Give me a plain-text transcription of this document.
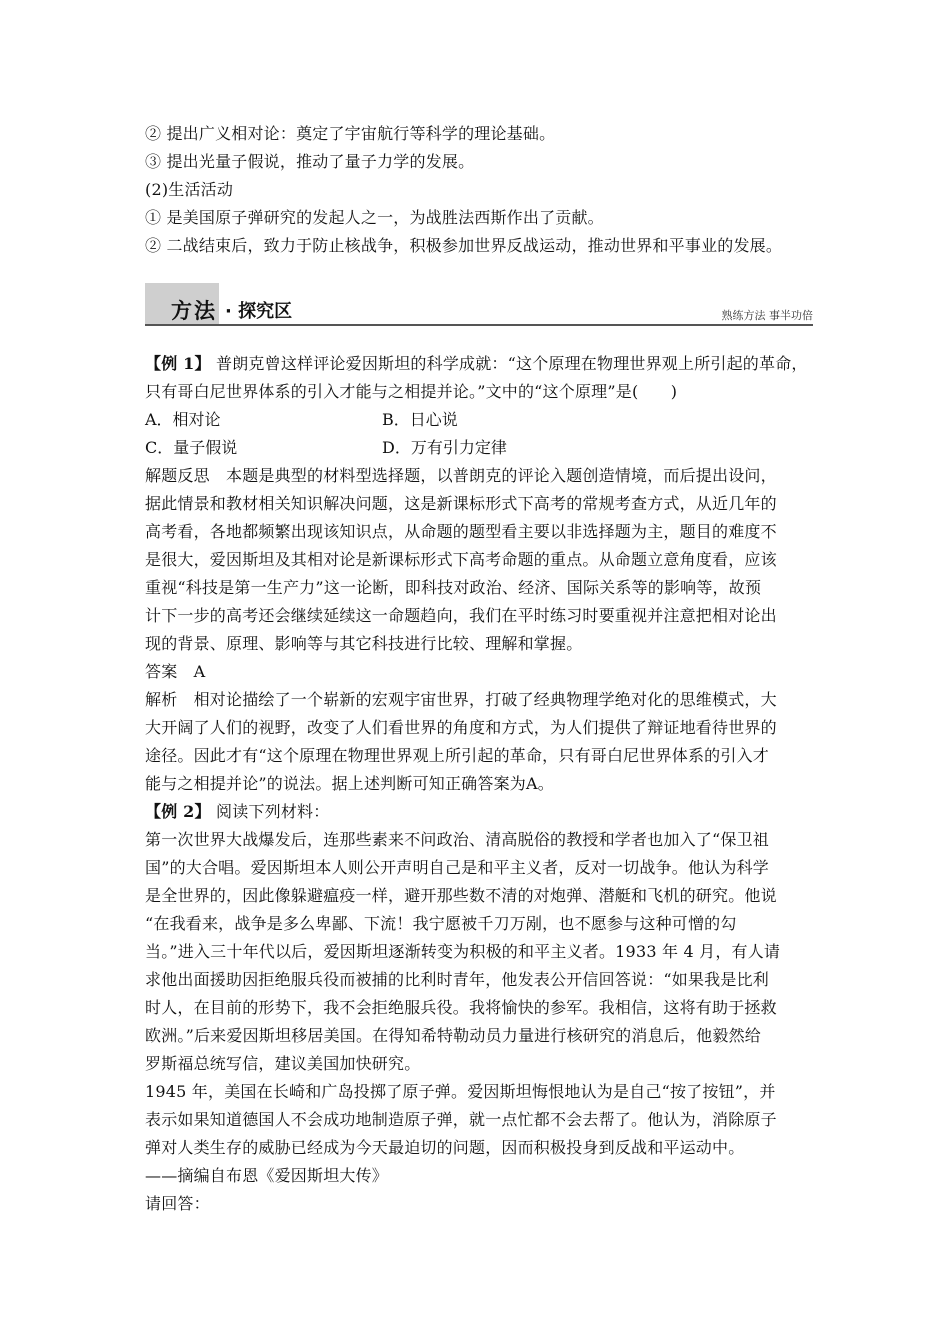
② 提出广义相对论：奠定了宇宙航行等科学的理论基础。
③ 提出光量子假说，推动了量子力学的发展。
(2)生活活动
① 是美国原子弹研究的发起人之一，为战胜法西斯作出了贡献。
② 二战结束后，致力于防止核战争，积极参加世界反战运动，推动世界和平事业的发展。
方法 · 探究区	熟练方法 事半功倍
【例 1】 普朗克曾这样评论爱因斯坦的科学成就：“这个原理在物理世界观上所引起的革命，
只有哥白尼世界体系的引入才能与之相提并论。”文中的“这个原理”是(　　)
A．相对论	B．日心说
C．量子假说	D．万有引力定律
解题反思　本题是典型的材料型选择题，以普朗克的评论入题创造情境，而后提出设问，
据此情景和教材相关知识解决问题，这是新课标形式下高考的常规考查方式，从近几年的
高考看，各地都频繁出现该知识点，从命题的题型看主要以非选择题为主，题目的难度不
是很大，爱因斯坦及其相对论是新课标形式下高考命题的重点。从命题立意角度看，应该
重视“科技是第一生产力”这一论断，即科技对政治、经济、国际关系等的影响等，故预
计下一步的高考还会继续延续这一命题趋向，我们在平时练习时要重视并注意把相对论出
现的背景、原理、影响等与其它科技进行比较、理解和掌握。
答案　A
解析　相对论描绘了一个崭新的宏观宇宙世界，打破了经典物理学绝对化的思维模式，大
大开阔了人们的视野，改变了人们看世界的角度和方式，为人们提供了辩证地看待世界的
途径。因此才有“这个原理在物理世界观上所引起的革命，只有哥白尼世界体系的引入才
能与之相提并论”的说法。据上述判断可知正确答案为A。
【例 2】 阅读下列材料：
第一次世界大战爆发后，连那些素来不问政治、清高脱俗的教授和学者也加入了“保卫祖
国”的大合唱。爱因斯坦本人则公开声明自己是和平主义者，反对一切战争。他认为科学
是全世界的，因此像躲避瘟疫一样，避开那些数不清的对炮弹、潜艇和飞机的研究。他说
“在我看来，战争是多么卑鄙、下流！我宁愿被千刀万剐，也不愿参与这种可憎的勾
当。”进入三十年代以后，爱因斯坦逐渐转变为积极的和平主义者。1933 年 4 月，有人请
求他出面援助因拒绝服兵役而被捕的比利时青年，他发表公开信回答说：“如果我是比利
时人，在目前的形势下，我不会拒绝服兵役。我将愉快的参军。我相信，这将有助于拯救
欧洲。”后来爱因斯坦移居美国。在得知希特勒动员力量进行核研究的消息后，他毅然给
罗斯福总统写信，建议美国加快研究。
1945 年，美国在长崎和广岛投掷了原子弹。爱因斯坦悔恨地认为是自己“按了按钮”，并
表示如果知道德国人不会成功地制造原子弹，就一点忙都不会去帮了。他认为，消除原子
弹对人类生存的威胁已经成为今天最迫切的问题，因而积极投身到反战和平运动中。
——摘编自布恩《爱因斯坦大传》
请回答：
